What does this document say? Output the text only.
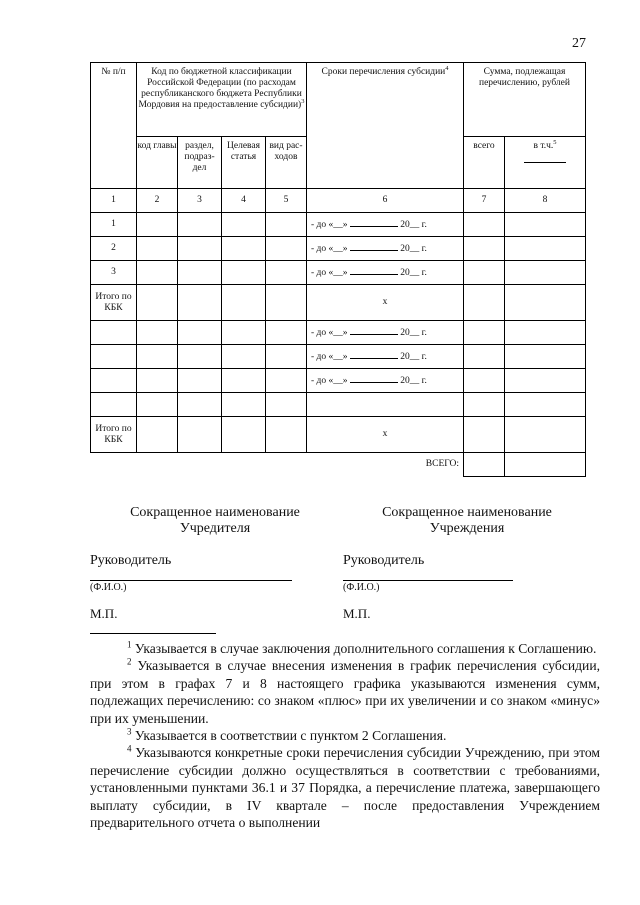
27
№ п/п	Код по бюджетной классификации Российской Федерации (по расходам республиканского бюджета Республики Мордовия на предоставление субсидии)$^3$				Сроки перечисления субсидии$^4$	Сумма, подлежащая перечислению, рублей	
	код главы	раздел, подраз-дел	Целевая статья	вид рас-ходов		всего	в т.ч.$^5$

1	2	3	4	5	6	7	8
1					- до «__» 20__ г.		
2					- до «__» 20__ г.		
3					- до «__» 20__ г.		
Итого по КБК					x		
					- до «__» 20__ г.		
					- до «__» 20__ г.		
					- до «__» 20__ г.		

Итого по КБК					x		
					ВСЕГО:		
Сокращенное наименование Учредителя
Сокращенное наименование Учреждения
Руководитель	Руководитель
(Ф.И.О.)	(Ф.И.О.)
М.П.	М.П.

$^1$ Указывается в случае заключения дополнительного соглашения к Соглашению.

$^2$ Указывается в случае внесения изменения в график перечисления субсидии, при этом в графах 7 и 8 настоящего графика указываются изменения сумм, подлежащих перечислению: со знаком «плюс» при их увеличении и со знаком «минус» при их уменьшении.

$^3$ Указывается в соответствии с пунктом 2 Соглашения.

$^4$ Указываются конкретные сроки перечисления субсидии Учреждению, при этом перечисление субсидии должно осуществляться в соответствии с требованиями, установленными пунктами 36.1 и 37 Порядка, а перечисление платежа, завершающего выплату субсидии, в IV квартале – после предоставления Учреждением предварительного отчета о выполнении
